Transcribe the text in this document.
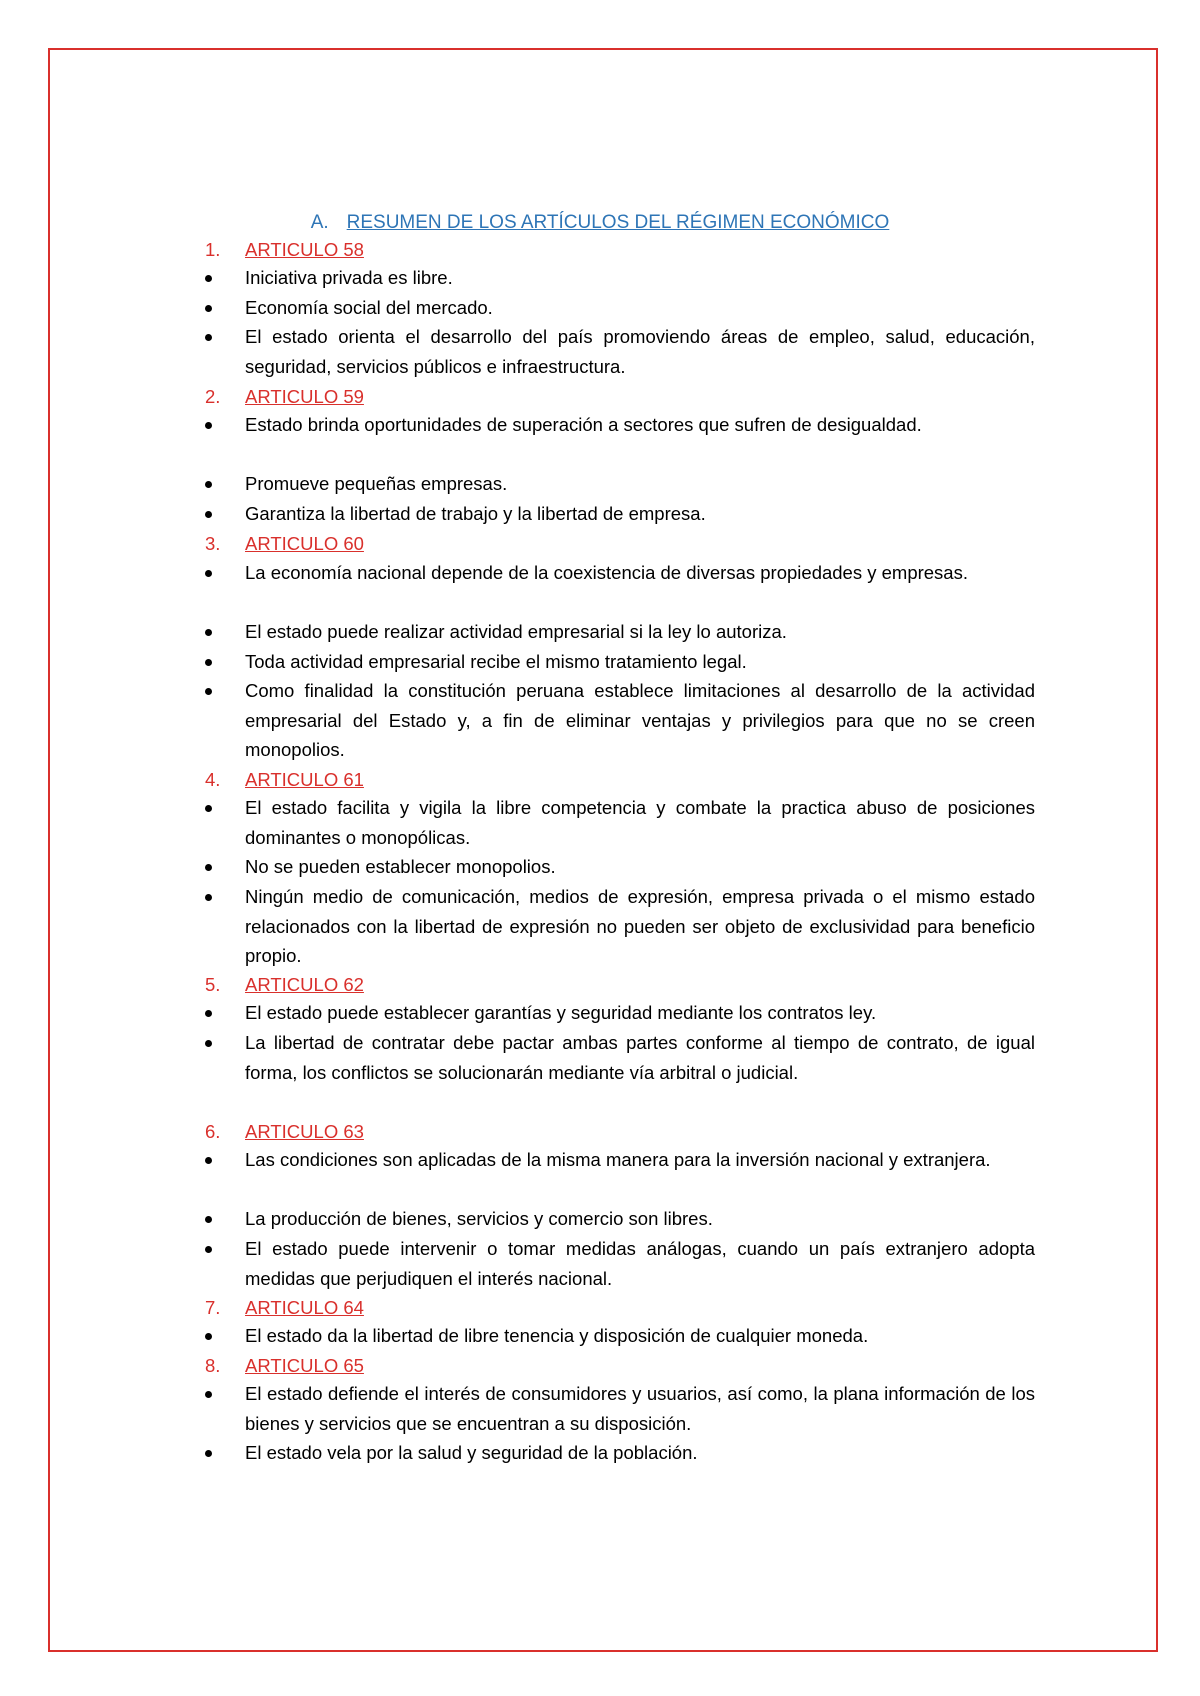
A. RESUMEN DE LOS ARTÍCULOS DEL RÉGIMEN ECONÓMICO
1. ARTICULO 58
Iniciativa privada es libre.
Economía social del mercado.
El estado orienta el desarrollo del país promoviendo áreas de empleo, salud, educación, seguridad, servicios públicos e infraestructura.
2. ARTICULO 59
Estado brinda oportunidades de superación a sectores que sufren de desigualdad.
Promueve pequeñas empresas.
Garantiza la libertad de trabajo y la libertad de empresa.
3. ARTICULO 60
La economía nacional depende de la coexistencia de diversas propiedades y empresas.
El estado puede realizar actividad empresarial si la ley lo autoriza.
Toda actividad empresarial recibe el mismo tratamiento legal.
Como finalidad la constitución peruana establece limitaciones al desarrollo de la actividad empresarial del Estado y, a fin de eliminar ventajas y privilegios para que no se creen monopolios.
4. ARTICULO 61
El estado facilita y vigila la libre competencia y combate la practica abuso de posiciones dominantes o monopólicas.
No se pueden establecer monopolios.
Ningún medio de comunicación, medios de expresión, empresa privada o el mismo estado relacionados con la libertad de expresión no pueden ser objeto de exclusividad para beneficio propio.
5. ARTICULO 62
El estado puede establecer garantías y seguridad mediante los contratos ley.
La libertad de contratar debe pactar ambas partes conforme al tiempo de contrato, de igual forma, los conflictos se solucionarán mediante vía arbitral o judicial.
6. ARTICULO 63
Las condiciones son aplicadas de la misma manera para la inversión nacional y extranjera.
La producción de bienes, servicios y comercio son libres.
El estado puede intervenir o tomar medidas análogas, cuando un país extranjero adopta medidas que perjudiquen el interés nacional.
7. ARTICULO 64
El estado da la libertad de libre tenencia y disposición de cualquier moneda.
8. ARTICULO 65
El estado defiende el interés de consumidores y usuarios, así como, la plana información de los bienes y servicios que se encuentran a su disposición.
El estado vela por la salud y seguridad de la población.
